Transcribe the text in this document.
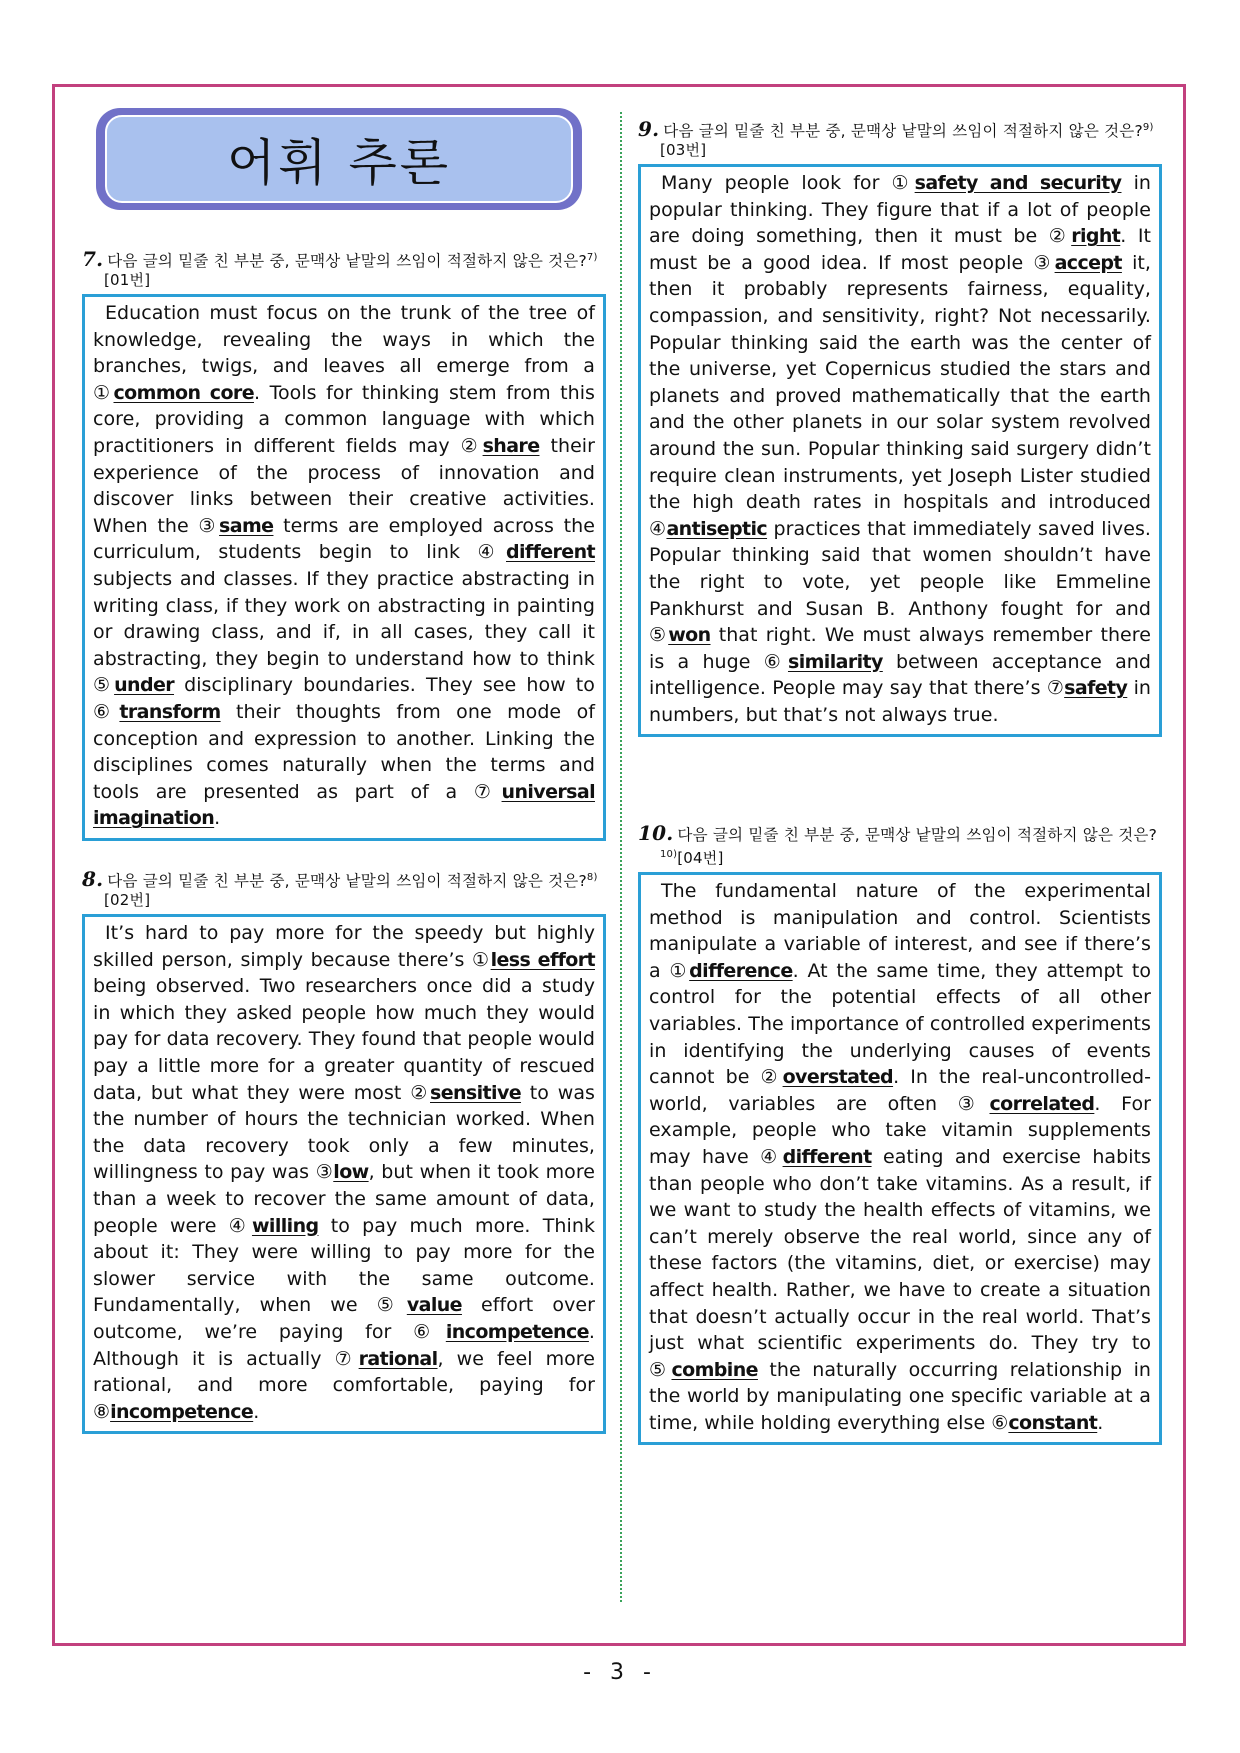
어휘 추론
7. 다음 글의 밑줄 친 부분 중, 문맥상 낱말의 쓰임이 적절하지 않은 것은?$^{7)}$[01번]

Education must focus on the trunk of the tree of knowledge, revealing the ways in which the branches, twigs, and leaves all emerge from a ①common core. Tools for thinking stem from this core, providing a common language with which practitioners in different fields may ②share their experience of the process of innovation and discover links between their creative activities. When the ③same terms are employed across the curriculum, students begin to link ④different subjects and classes. If they practice abstracting in writing class, if they work on abstracting in painting or drawing class, and if, in all cases, they call it abstracting, they begin to understand how to think ⑤under disciplinary boundaries. They see how to ⑥transform their thoughts from one mode of conception and expression to another. Linking the disciplines comes naturally when the terms and tools are presented as part of a ⑦universal imagination.

8. 다음 글의 밑줄 친 부분 중, 문맥상 낱말의 쓰임이 적절하지 않은 것은?$^{8)}$[02번]

It’s hard to pay more for the speedy but highly skilled person, simply because there’s ①less effort being observed. Two researchers once did a study in which they asked people how much they would pay for data recovery. They found that people would pay a little more for a greater quantity of rescued data, but what they were most ②sensitive to was the number of hours the technician worked. When the data recovery took only a few minutes, willingness to pay was ③low, but when it took more than a week to recover the same amount of data, people were ④willing to pay much more. Think about it: They were willing to pay more for the slower service with the same outcome. Fundamentally, when we ⑤value effort over outcome, we’re paying for ⑥incompetence. Although it is actually ⑦rational, we feel more rational, and more comfortable, paying for ⑧incompetence.

9. 다음 글의 밑줄 친 부분 중, 문맥상 낱말의 쓰임이 적절하지 않은 것은?$^{9)}$[03번]

Many people look for ①safety and security in popular thinking. They figure that if a lot of people are doing something, then it must be ②right. It must be a good idea. If most people ③accept it, then it probably represents fairness, equality, compassion, and sensitivity, right? Not necessarily. Popular thinking said the earth was the center of the universe, yet Copernicus studied the stars and planets and proved mathematically that the earth and the other planets in our solar system revolved around the sun. Popular thinking said surgery didn’t require clean instruments, yet Joseph Lister studied the high death rates in hospitals and introduced ④antiseptic practices that immediately saved lives. Popular thinking said that women shouldn’t have the right to vote, yet people like Emmeline Pankhurst and Susan B. Anthony fought for and ⑤won that right. We must always remember there is a huge ⑥similarity between acceptance and intelligence. People may say that there’s ⑦safety in numbers, but that’s not always true.

10. 다음 글의 밑줄 친 부분 중, 문맥상 낱말의 쓰임이 적절하지 않은 것은?$^{10)}$[04번]

The fundamental nature of the experimental method is manipulation and control. Scientists manipulate a variable of interest, and see if there’s a ①difference. At the same time, they attempt to control for the potential effects of all other variables. The importance of controlled experiments in identifying the underlying causes of events cannot be ②overstated. In the real-uncontrolled-world, variables are often ③correlated. For example, people who take vitamin supplements may have ④different eating and exercise habits than people who don’t take vitamins. As a result, if we want to study the health effects of vitamins, we can’t merely observe the real world, since any of these factors (the vitamins, diet, or exercise) may affect health. Rather, we have to create a situation that doesn’t actually occur in the real world. That’s just what scientific experiments do. They try to ⑤combine the naturally occurring relationship in the world by manipulating one specific variable at a time, while holding everything else ⑥constant.

- 3 -
